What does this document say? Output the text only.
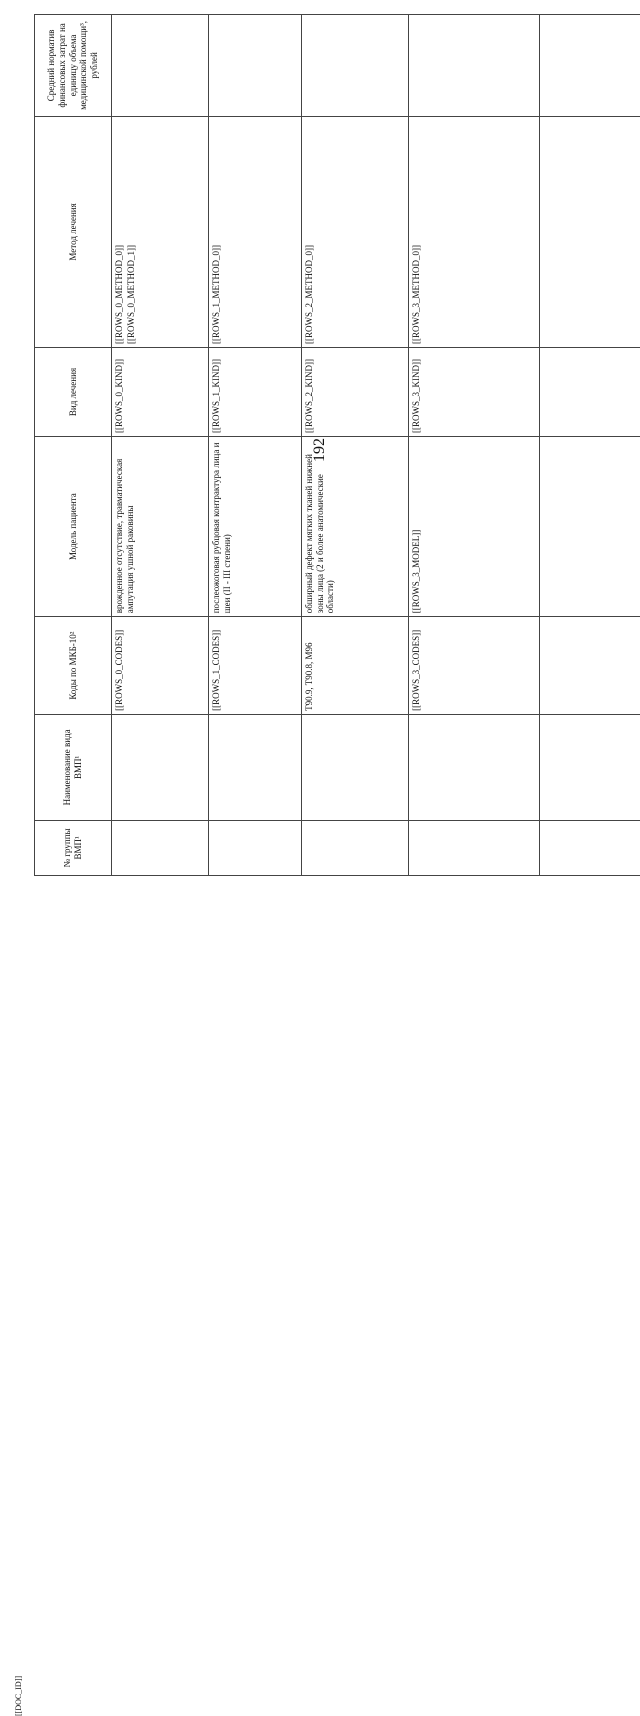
192
[[DOC_ID]]
№ группы ВМП¹	Наименование вида ВМП¹	Коды по МКБ-10²	Модель пациента	Вид лечения	Метод лечения	Средний норматив финансовых затрат на единицу объема медицинской помощи³, рублей
		[[ROWS_0_CODES]]	врожденное отсутствие, травматическая ампутация ушной раковины	[[ROWS_0_KIND]]	[[ROWS_0_METHOD_0]] [[ROWS_0_METHOD_1]]	

		[[ROWS_1_CODES]]	послеожоговая рубцовая контрактура лица и шеи (II - III степени)	[[ROWS_1_KIND]]	[[ROWS_1_METHOD_0]]	

		T90.9, T90.8, M96	обширный дефект мягких тканей нижней зоны лица (2 и более анатомические области)	[[ROWS_2_KIND]]	[[ROWS_2_METHOD_0]]	

		[[ROWS_3_CODES]]	[[ROWS_3_MODEL]]	[[ROWS_3_KIND]]	[[ROWS_3_METHOD_0]]	
